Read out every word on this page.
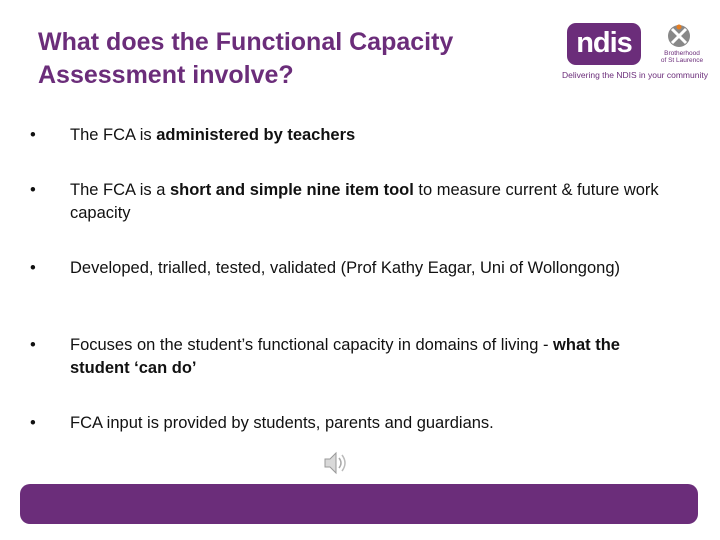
What does the Functional Capacity
Assessment involve?
ndis	Brotherhood
of St Laurence
Delivering the NDIS in your community
• The FCA is administered by teachers
• The FCA is a short and simple nine item tool to measure current & future work capacity
• Developed, trialled, tested, validated (Prof Kathy Eagar, Uni of Wollongong)
• Focuses on the student’s functional capacity in domains of living - what the student ‘can do’
• FCA input is provided by students, parents and guardians.
